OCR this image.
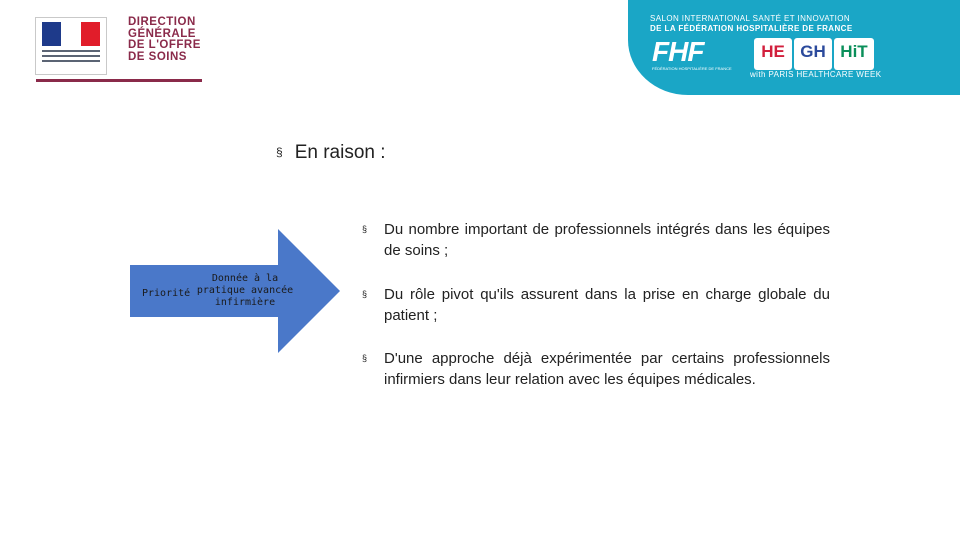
DIRECTION
GÉNÉRALE
DE L'OFFRE
DE SOINS
SALON INTERNATIONAL SANTÉ ET INNOVATION
DE LA FÉDÉRATION HOSPITALIÈRE DE FRANCE
FHF
FÉDÉRATION HOSPITALIÈRE DE FRANCE
HE GH HiT
with PARIS HEALTHCARE WEEK
§ En raison :
Priorité
Donnée à la
pratique avancée
infirmière
§ Du nombre important de professionnels intégrés dans les équipes de soins ;
§ Du rôle pivot qu'ils assurent dans la prise en charge globale du patient ;
§ D'une approche déjà expérimentée par certains professionnels infirmiers dans leur relation avec les équipes médicales.
